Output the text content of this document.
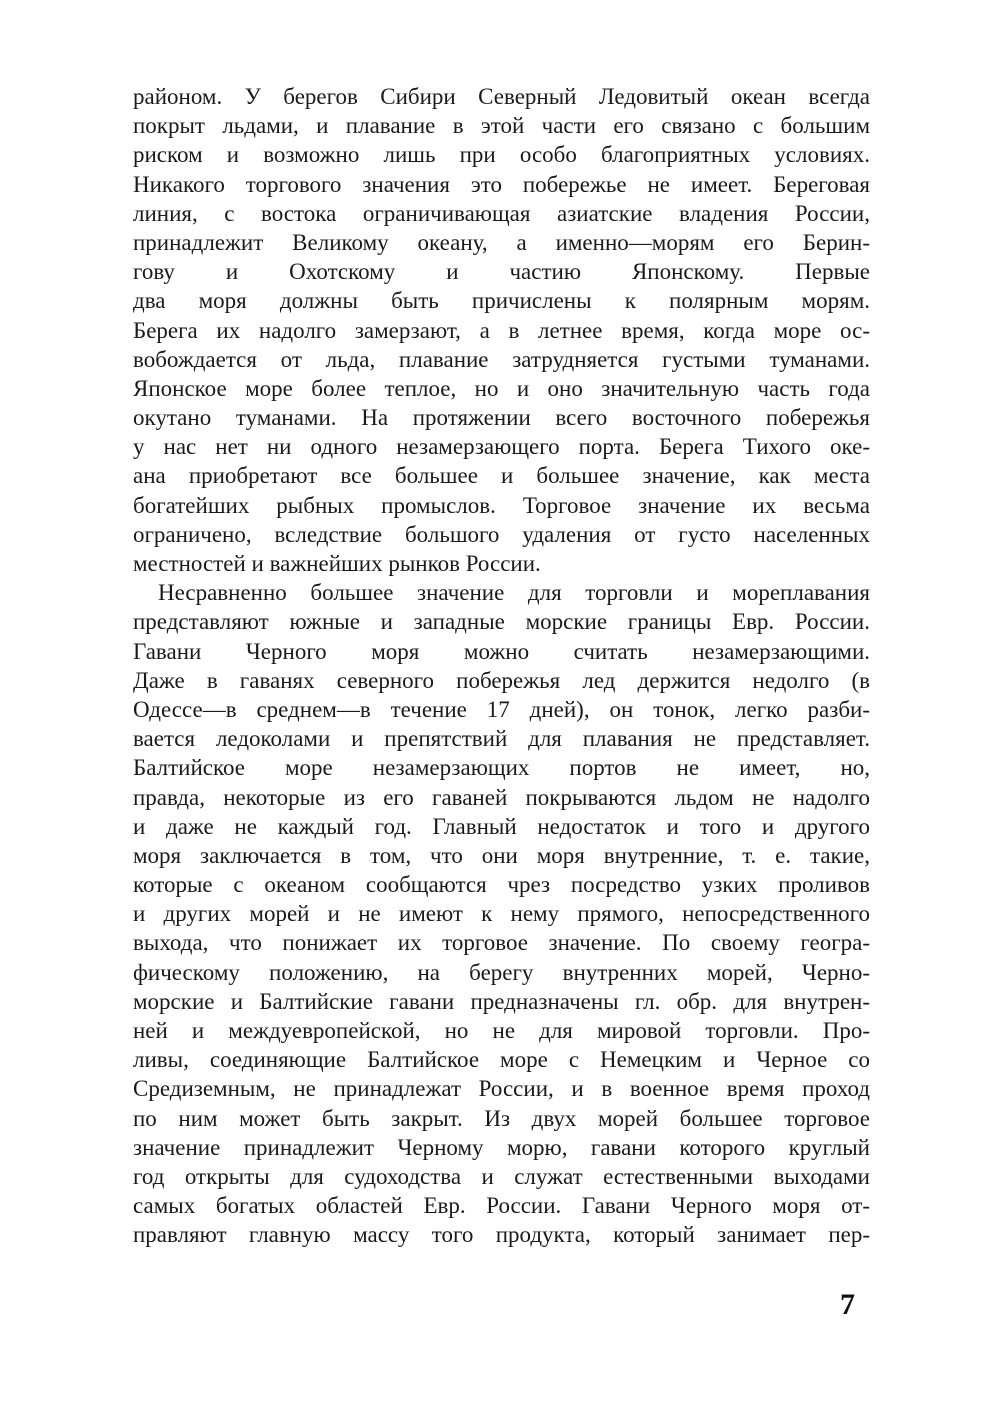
районом. У берегов Сибири Северный Ледовитый океан всегда
покрыт льдами, и плавание в этой части его связано с большим
риском и возможно лишь при особо благоприятных условиях.
Никакого торгового значения это побережье не имеет. Береговая
линия, с востока ограничивающая азиатские владения России,
принадлежит Великому океану, а именно—морям его Берин-
гову и Охотскому и частию Японскому. Первые
два моря должны быть причислены к полярным морям.
Берега их надолго замерзают, а в летнее время, когда море ос-
вобождается от льда, плавание затрудняется густыми туманами.
Японское море более теплое, но и оно значительную часть года
окутано туманами. На протяжении всего восточного побережья
у нас нет ни одного незамерзающего порта. Берега Тихого оке-
ана приобретают все большее и большее значение, как места
богатейших рыбных промыслов. Торговое значение их весьма
ограничено, вследствие большого удаления от густо населенных
местностей и важнейших рынков России.

Несравненно большее значение для торговли и мореплавания
представляют южные и западные морские границы Евр. России.
Гавани Черного моря можно считать незамерзающими.
Даже в гаванях северного побережья лед держится недолго (в
Одессе—в среднем—в течение 17 дней), он тонок, легко разби-
вается ледоколами и препятствий для плавания не представляет.
Балтийское море незамерзающих портов не имеет, но,
правда, некоторые из его гаваней покрываются льдом не надолго
и даже не каждый год. Главный недостаток и того и другого
моря заключается в том, что они моря внутренние, т. е. такие,
которые с океаном сообщаются чрез посредство узких проливов
и других морей и не имеют к нему прямого, непосредственного
выхода, что понижает их торговое значение. По своему геогра-
фическому положению, на берегу внутренних морей, Черно-
морские и Балтийские гавани предназначены гл. обр. для внутрен-
ней и междуевропейской, но не для мировой торговли. Про-
ливы, соединяющие Балтийское море с Немецким и Черное со
Средиземным, не принадлежат России, и в военное время проход
по ним может быть закрыт. Из двух морей большее торговое
значение принадлежит Черному морю, гавани которого круглый
год открыты для судоходства и служат естественными выходами
самых богатых областей Евр. России. Гавани Черного моря от-
правляют главную массу того продукта, который занимает пер-

7
